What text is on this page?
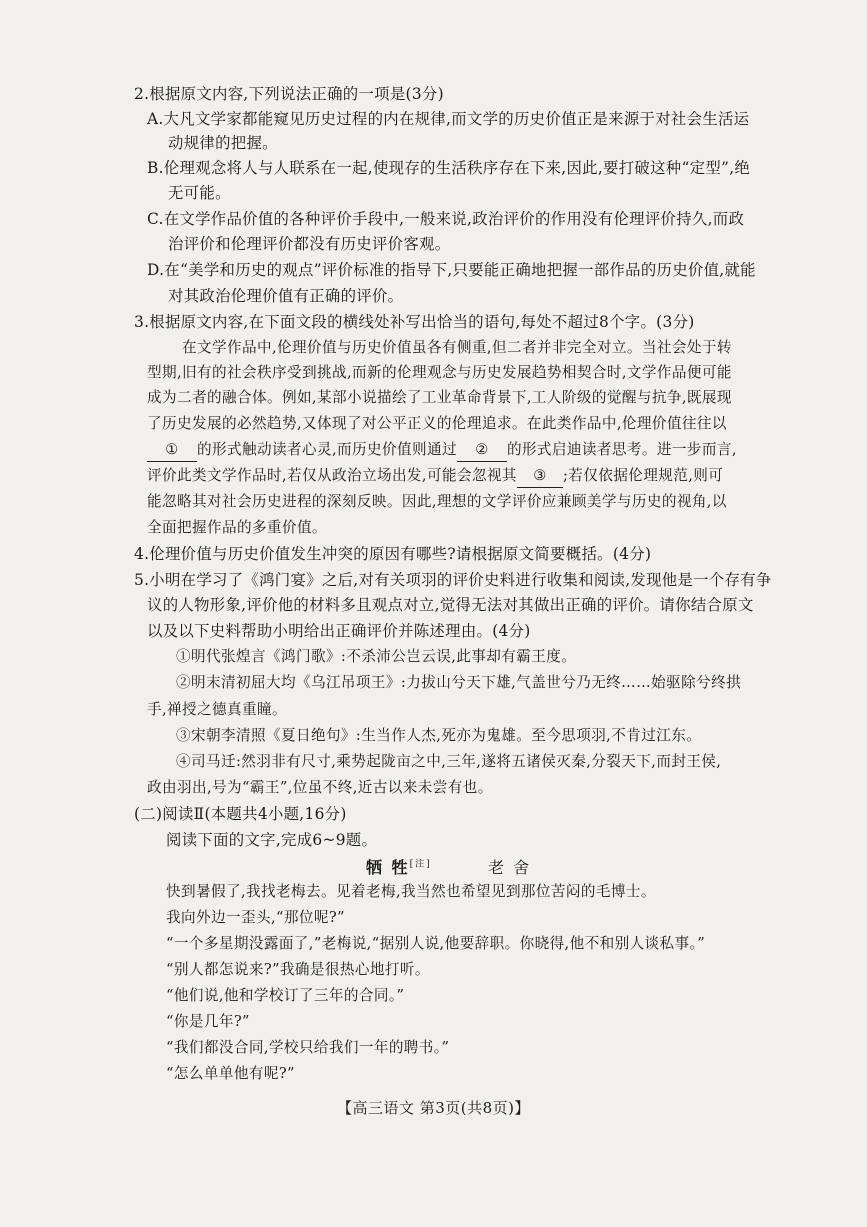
2.根据原文内容,下列说法正确的一项是(3分)
A.大凡文学家都能窥见历史过程的内在规律,而文学的历史价值正是来源于对社会生活运
动规律的把握。
B.伦理观念将人与人联系在一起,使现存的生活秩序存在下来,因此,要打破这种“定型”,绝
无可能。
C.在文学作品价值的各种评价手段中,一般来说,政治评价的作用没有伦理评价持久,而政
治评价和伦理评价都没有历史评价客观。
D.在“美学和历史的观点”评价标准的指导下,只要能正确地把握一部作品的历史价值,就能
对其政治伦理价值有正确的评价。
3.根据原文内容,在下面文段的横线处补写出恰当的语句,每处不超过8个字。(3分)
在文学作品中,伦理价值与历史价值虽各有侧重,但二者并非完全对立。当社会处于转
型期,旧有的社会秩序受到挑战,而新的伦理观念与历史发展趋势相契合时,文学作品便可能
成为二者的融合体。例如,某部小说描绘了工业革命背景下,工人阶级的觉醒与抗争,既展现
了历史发展的必然趋势,又体现了对公平正义的伦理追求。在此类作品中,伦理价值往往以
① 的形式触动读者心灵,而历史价值则通过 ② 的形式启迪读者思考。进一步而言,
评价此类文学作品时,若仅从政治立场出发,可能会忽视其 ③ ;若仅依据伦理规范,则可
能忽略其对社会历史进程的深刻反映。因此,理想的文学评价应兼顾美学与历史的视角,以
全面把握作品的多重价值。
4.伦理价值与历史价值发生冲突的原因有哪些?请根据原文简要概括。(4分)
5.小明在学习了《鸿门宴》之后,对有关项羽的评价史料进行收集和阅读,发现他是一个存有争
议的人物形象,评价他的材料多且观点对立,觉得无法对其做出正确的评价。请你结合原文
以及以下史料帮助小明给出正确评价并陈述理由。(4分)
①明代张煌言《鸿门歌》:不杀沛公岂云误,此事却有霸王度。
②明末清初屈大均《乌江吊项王》:力拔山兮天下雄,气盖世兮乃无终……始驱除兮终拱
手,禅授之德真重瞳。
③宋朝李清照《夏日绝句》:生当作人杰,死亦为鬼雄。至今思项羽,不肯过江东。
④司马迁:然羽非有尺寸,乘势起陇亩之中,三年,遂将五诸侯灭秦,分裂天下,而封王侯,
政由羽出,号为“霸王”,位虽不终,近古以来未尝有也。
(二)阅读Ⅱ(本题共4小题,16分)
阅读下面的文字,完成6~9题。
牺 牲[注]	老 舍
快到暑假了,我找老梅去。见着老梅,我当然也希望见到那位苦闷的毛博士。
我向外边一歪头,“那位呢?”
“一个多星期没露面了,”老梅说,“据别人说,他要辞职。你晓得,他不和别人谈私事。”
“别人都怎说来?”我确是很热心地打听。
“他们说,他和学校订了三年的合同。”
“你是几年?”
“我们都没合同,学校只给我们一年的聘书。”
“怎么单单他有呢?”
【高三语文 第3页(共8页)】
